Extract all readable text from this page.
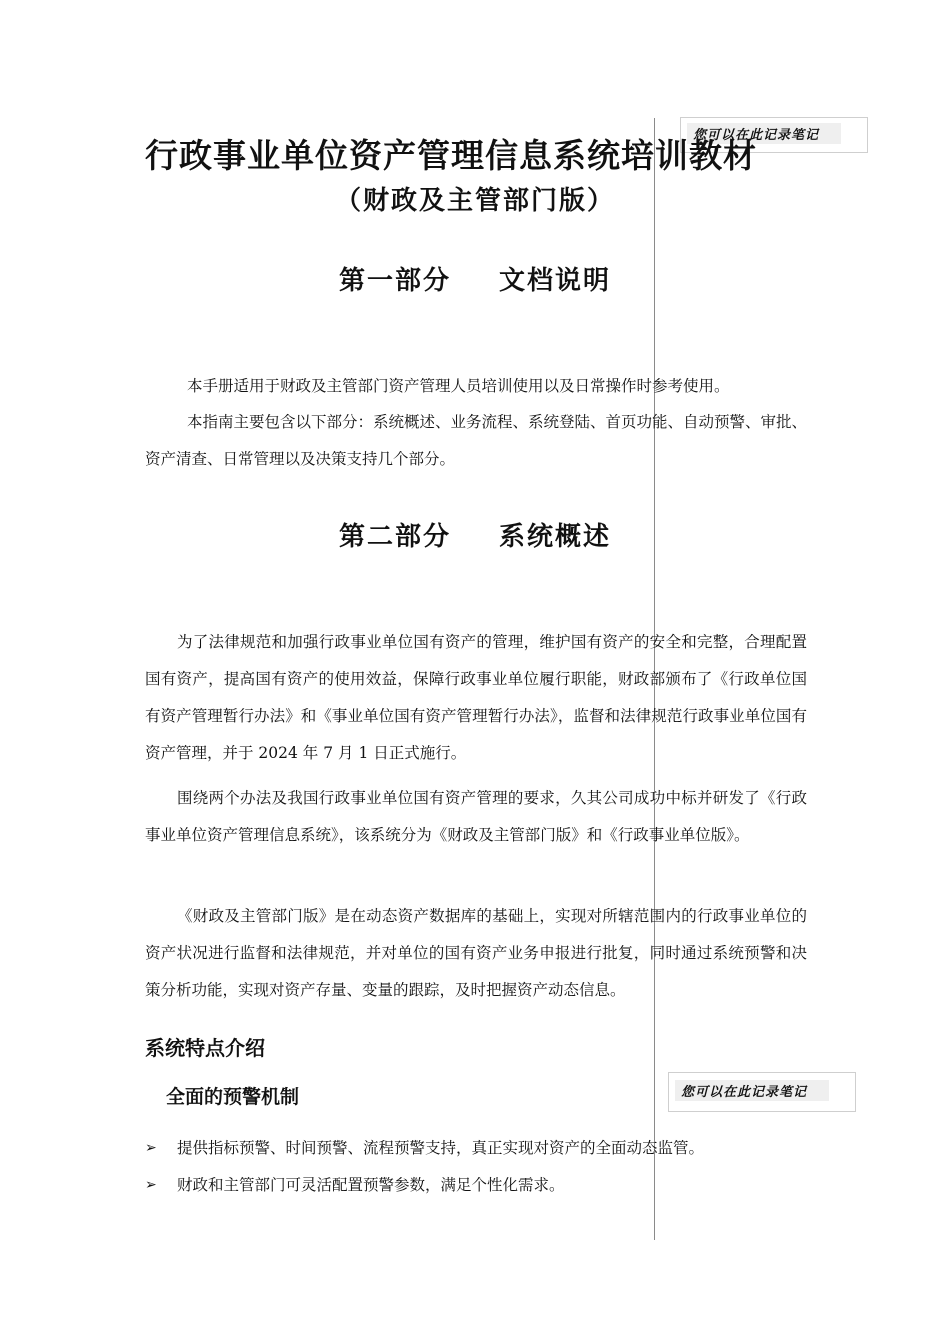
您可以在此记录笔记
您可以在此记录笔记
行政事业单位资产管理信息系统培训教材
（财政及主管部门版）
第一部分 文档说明

本手册适用于财政及主管部门资产管理人员培训使用以及日常操作时参考使用。

本指南主要包含以下部分：系统概述、业务流程、系统登陆、首页功能、自动预警、审批、资产清查、日常管理以及决策支持几个部分。

第二部分 系统概述

为了法律规范和加强行政事业单位国有资产的管理，维护国有资产的安全和完整，合理配置国有资产，提高国有资产的使用效益，保障行政事业单位履行职能，财政部颁布了《行政单位国有资产管理暂行办法》和《事业单位国有资产管理暂行办法》，监督和法律规范行政事业单位国有资产管理，并于 2024 年 7 月 1 日正式施行。

围绕两个办法及我国行政事业单位国有资产管理的要求，久其公司成功中标并研发了《行政事业单位资产管理信息系统》，该系统分为《财政及主管部门版》和《行政事业单位版》。

《财政及主管部门版》是在动态资产数据库的基础上，实现对所辖范围内的行政事业单位的资产状况进行监督和法律规范，并对单位的国有资产业务申报进行批复，同时通过系统预警和决策分析功能，实现对资产存量、变量的跟踪，及时把握资产动态信息。

系统特点介绍
全面的预警机制
➢ 提供指标预警、时间预警、流程预警支持，真正实现对资产的全面动态监管。
➢ 财政和主管部门可灵活配置预警参数，满足个性化需求。
